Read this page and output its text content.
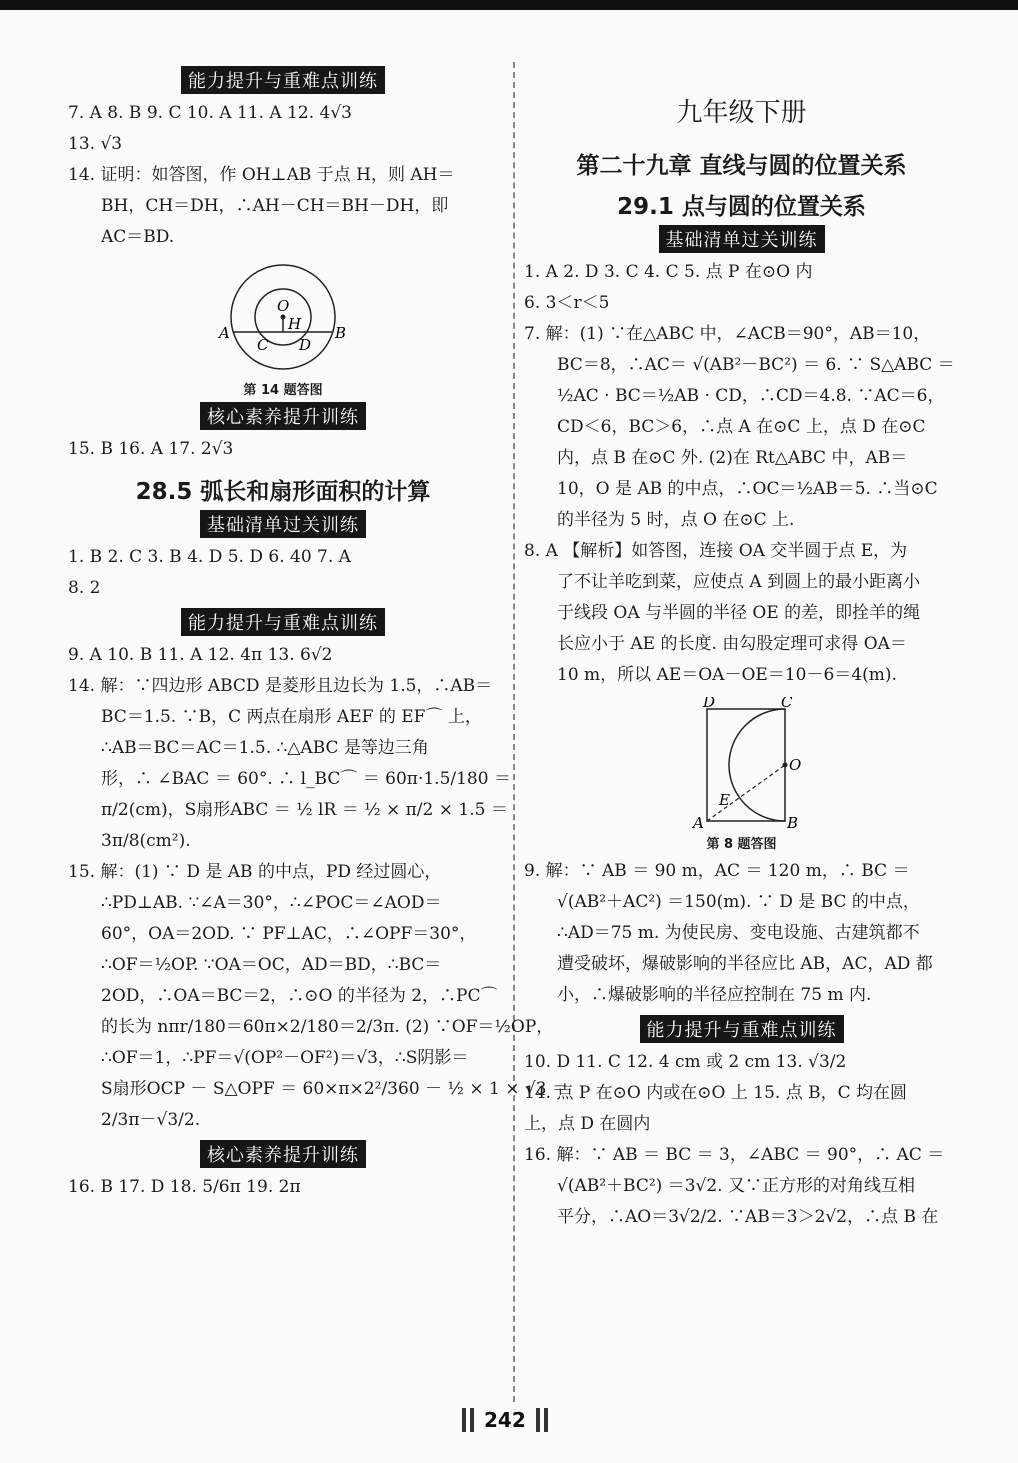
能力提升与重难点训练
7. A 8. B 9. C 10. A 11. A 12. 4√3
13. √3
14. 证明：如答图，作 OH⊥AB 于点 H，则 AH＝
BH，CH＝DH，∴AH－CH＝BH－DH，即
AC＝BD.
O
H
A
C D
B
第 14 题答图
核心素养提升训练
15. B 16. A 17. 2√3
28.5 弧长和扇形面积的计算
基础清单过关训练
1. B 2. C 3. B 4. D 5. D 6. 40 7. A
8. 2
能力提升与重难点训练
9. A 10. B 11. A 12. 4π 13. 6√2
14. 解：∵四边形 ABCD 是菱形且边长为 1.5，∴AB＝
BC＝1.5. ∵B，C 两点在扇形 AEF 的 EF⌒ 上，
∴AB＝BC＝AC＝1.5. ∴△ABC 是等边三角
形，∴ ∠BAC ＝ 60°. ∴ l_BC⌒ ＝ 60π·1.5/180 ＝
π/2(cm)，S扇形ABC ＝ ½ lR ＝ ½ × π/2 × 1.5 ＝
3π/8(cm²).
15. 解：(1) ∵ D 是 AB 的中点，PD 经过圆心，
∴PD⊥AB. ∵∠A＝30°，∴∠POC＝∠AOD＝
60°，OA＝2OD. ∵ PF⊥AC，∴∠OPF＝30°，
∴OF＝½OP. ∵OA＝OC，AD＝BD，∴BC＝
2OD，∴OA＝BC＝2，∴⊙O 的半径为 2，∴PC⌒
的长为 nπr/180＝60π×2/180＝2/3π. (2) ∵OF＝½OP，
∴OF＝1，∴PF＝√(OP²－OF²)＝√3，∴S阴影＝
S扇形OCP － S△OPF ＝ 60×π×2²/360 － ½ × 1 × √3 ＝
2/3π－√3/2.
核心素养提升训练
16. B 17. D 18. 5/6π 19. 2π
九年级下册
第二十九章 直线与圆的位置关系
29.1 点与圆的位置关系
基础清单过关训练
1. A 2. D 3. C 4. C 5. 点 P 在⊙O 内
6. 3＜r＜5
7. 解：(1) ∵在△ABC 中，∠ACB＝90°，AB＝10，
BC＝8，∴AC＝ √(AB²－BC²) ＝ 6. ∵ S△ABC ＝
½AC · BC＝½AB · CD，∴CD＝4.8. ∵AC＝6，
CD＜6，BC＞6，∴点 A 在⊙C 上，点 D 在⊙C
内，点 B 在⊙C 外. (2)在 Rt△ABC 中，AB＝
10，O 是 AB 的中点，∴OC＝½AB＝5. ∴当⊙C
的半径为 5 时，点 O 在⊙C 上.
8. A 【解析】如答图，连接 OA 交半圆于点 E，为
了不让羊吃到菜，应使点 A 到圆上的最小距离小
于线段 OA 与半圆的半径 OE 的差，即拴羊的绳
长应小于 AE 的长度. 由勾股定理可求得 OA＝
10 m，所以 AE＝OA－OE＝10－6＝4(m).
D	C
O
E
A	B
第 8 题答图
9. 解：∵ AB ＝ 90 m，AC ＝ 120 m，∴ BC ＝
√(AB²＋AC²) ＝150(m). ∵ D 是 BC 的中点，
∴AD＝75 m. 为使民房、变电设施、古建筑都不
遭受破坏，爆破影响的半径应比 AB，AC，AD 都
小，∴爆破影响的半径应控制在 75 m 内.
能力提升与重难点训练
10. D 11. C 12. 4 cm 或 2 cm 13. √3/2
14. 点 P 在⊙O 内或在⊙O 上 15. 点 B，C 均在圆
上，点 D 在圆内
16. 解：∵ AB ＝ BC ＝ 3，∠ABC ＝ 90°，∴ AC ＝
√(AB²＋BC²) ＝3√2. 又∵正方形的对角线互相
平分，∴AO＝3√2/2. ∵AB＝3＞2√2，∴点 B 在
242
